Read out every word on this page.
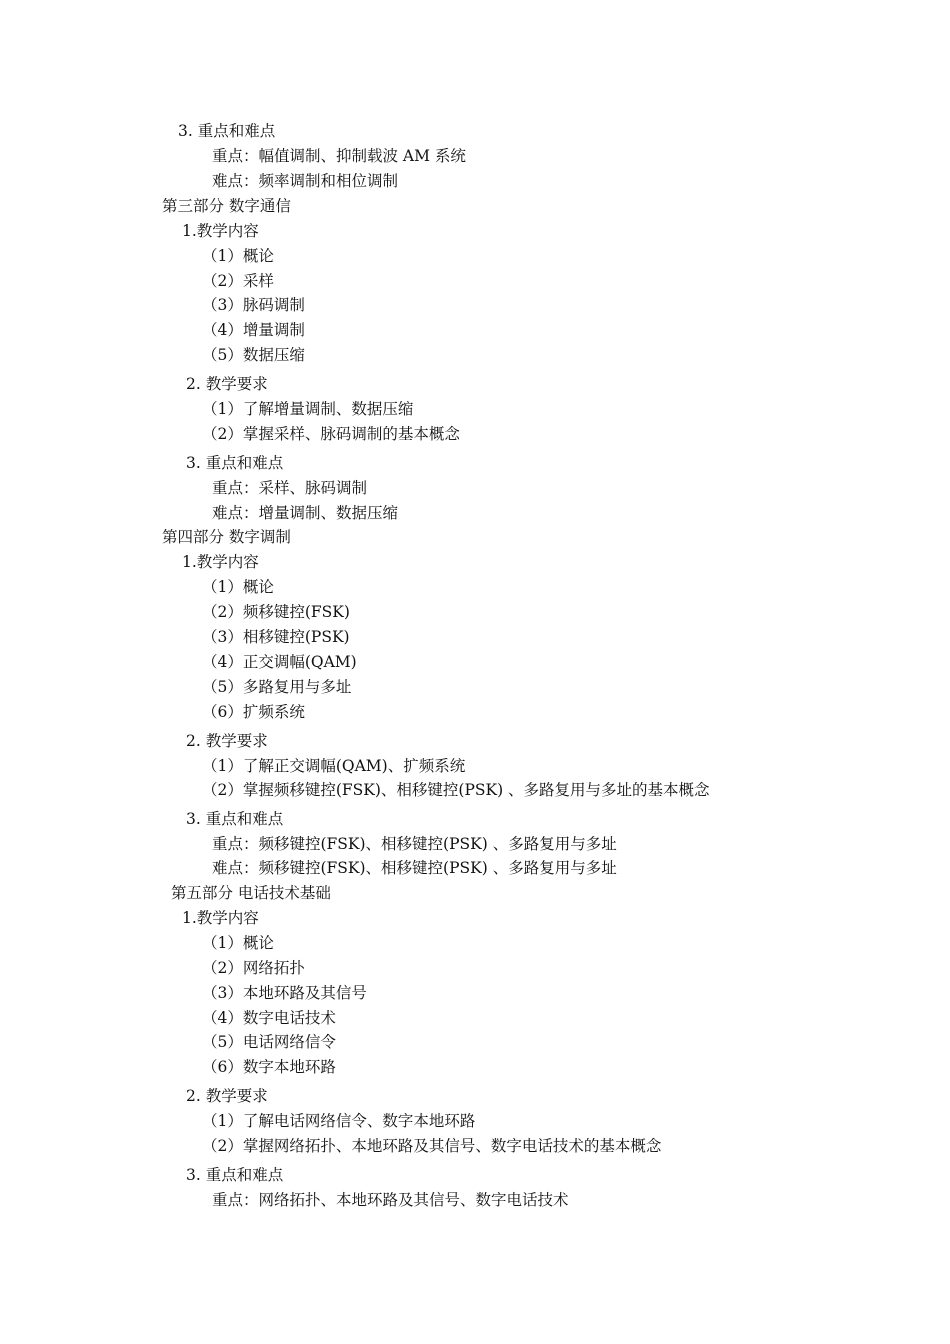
3. 重点和难点
重点：幅值调制、抑制载波 AM 系统
难点：频率调制和相位调制
第三部分 数字通信
1.教学内容
（1）概论
（2）采样
（3）脉码调制
（4）增量调制
（5）数据压缩
2. 教学要求
（1）了解增量调制、数据压缩
（2）掌握采样、脉码调制的基本概念
3. 重点和难点
重点：采样、脉码调制
难点：增量调制、数据压缩
第四部分 数字调制
1.教学内容
（1）概论
（2）频移键控(FSK)
（3）相移键控(PSK)
（4）正交调幅(QAM)
（5）多路复用与多址
（6）扩频系统
2. 教学要求
（1）了解正交调幅(QAM)、扩频系统
（2）掌握频移键控(FSK)、相移键控(PSK) 、多路复用与多址的基本概念
3. 重点和难点
重点：频移键控(FSK)、相移键控(PSK) 、多路复用与多址
难点：频移键控(FSK)、相移键控(PSK) 、多路复用与多址
第五部分 电话技术基础
1.教学内容
（1）概论
（2）网络拓扑
（3）本地环路及其信号
（4）数字电话技术
（5）电话网络信令
（6）数字本地环路
2. 教学要求
（1）了解电话网络信令、数字本地环路
（2）掌握网络拓扑、本地环路及其信号、数字电话技术的基本概念
3. 重点和难点
重点：网络拓扑、本地环路及其信号、数字电话技术
